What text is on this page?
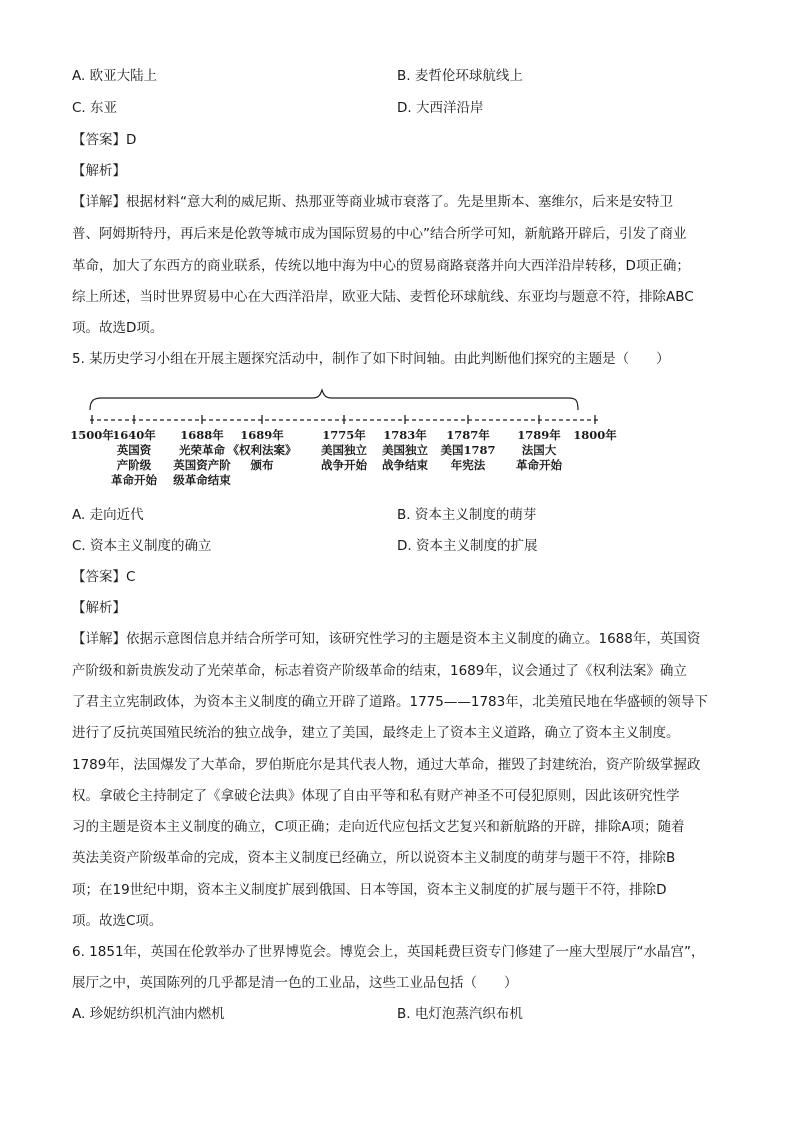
A. 欧亚大陆上	B. 麦哲伦环球航线上
C. 东亚	D. 大西洋沿岸
【答案】D
【解析】
【详解】根据材料“意大利的威尼斯、热那亚等商业城市衰落了。先是里斯本、塞维尔，后来是安特卫
普、阿姆斯特丹，再后来是伦敦等城市成为国际贸易的中心”结合所学可知，新航路开辟后，引发了商业
革命，加大了东西方的商业联系，传统以地中海为中心的贸易商路衰落并向大西洋沿岸转移，D项正确；
综上所述，当时世界贸易中心在大西洋沿岸，欧亚大陆、麦哲伦环球航线、东亚均与题意不符，排除ABC
项。故选D项。
5. 某历史学习小组在开展主题探究活动中，制作了如下时间轴。由此判断他们探究的主题是（　　）
1500年
1640年
英国资
产阶级
革命开始
1688年
光荣革命
英国资产阶
级革命结束
1689年
《权利法案》
颁布
1775年
美国独立
战争开始
1783年
美国独立
战争结束
1787年
美国1787
年宪法
1789年
法国大
革命开始
1800年
A. 走向近代	B. 资本主义制度的萌芽
C. 资本主义制度的确立	D. 资本主义制度的扩展
【答案】C
【解析】
【详解】依据示意图信息并结合所学可知，该研究性学习的主题是资本主义制度的确立。1688年，英国资
产阶级和新贵族发动了光荣革命，标志着资产阶级革命的结束，1689年，议会通过了《权利法案》确立
了君主立宪制政体，为资本主义制度的确立开辟了道路。1775——1783年，北美殖民地在华盛顿的领导下
进行了反抗英国殖民统治的独立战争，建立了美国，最终走上了资本主义道路，确立了资本主义制度。
1789年，法国爆发了大革命，罗伯斯庇尔是其代表人物，通过大革命，摧毁了封建统治，资产阶级掌握政
权。拿破仑主持制定了《拿破仑法典》体现了自由平等和私有财产神圣不可侵犯原则，因此该研究性学
习的主题是资本主义制度的确立，C项正确；走向近代应包括文艺复兴和新航路的开辟，排除A项；随着
英法美资产阶级革命的完成，资本主义制度已经确立，所以说资本主义制度的萌芽与题干不符，排除B
项；在19世纪中期，资本主义制度扩展到俄国、日本等国，资本主义制度的扩展与题干不符，排除D
项。故选C项。
6. 1851年，英国在伦敦举办了世界博览会。博览会上，英国耗费巨资专门修建了一座大型展厅“水晶宫”，
展厅之中，英国陈列的几乎都是清一色的工业品，这些工业品包括（　　）
A. 珍妮纺织机汽油内燃机	B. 电灯泡蒸汽织布机
